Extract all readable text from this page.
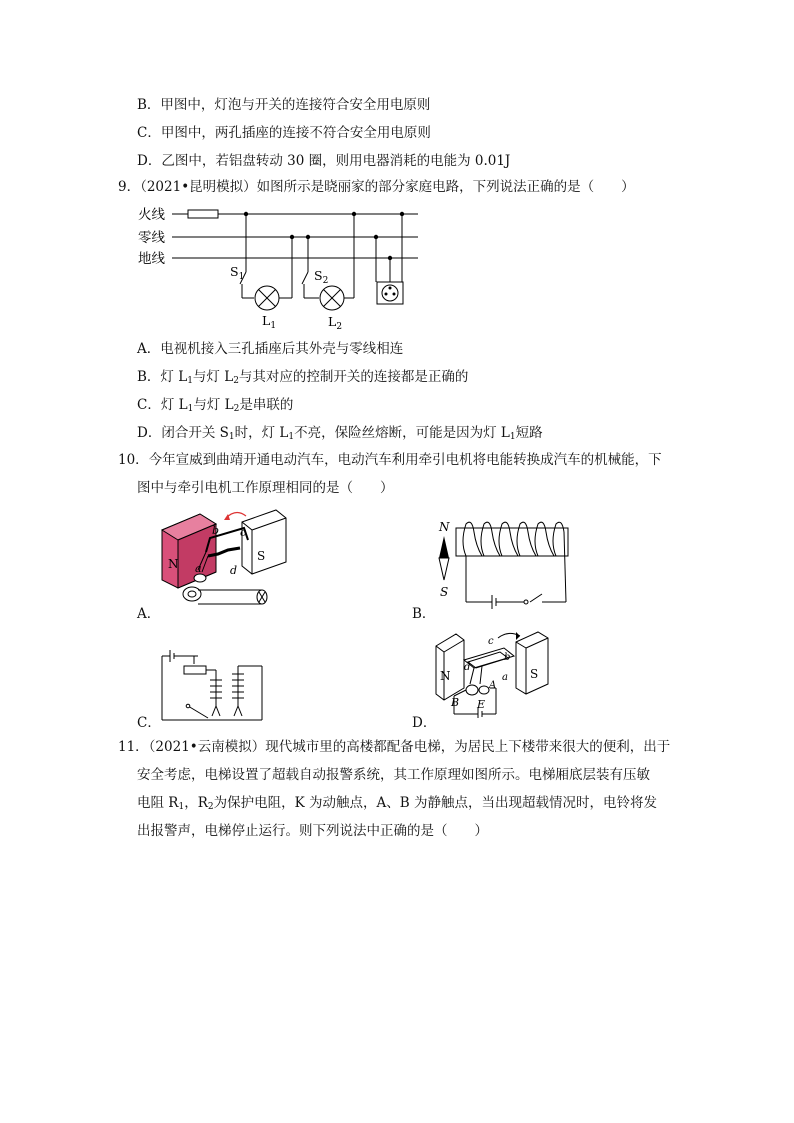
B．甲图中，灯泡与开关的连接符合安全用电原则
C．甲图中，两孔插座的连接不符合安全用电原则
D．乙图中，若铝盘转动 30 圈，则用电器消耗的电能为 0.01J
9．（2021•昆明模拟）如图所示是晓丽家的部分家庭电路，下列说法正确的是（　　）
火线
零线
地线
$S_1$	$S_2$
$L_1$	$L_2$
A．电视机接入三孔插座后其外壳与零线相连
B．灯 $L_1$与灯 $L_2$与其对应的控制开关的连接都是正确的
C．灯 $L_1$与灯 $L_2$是串联的
D．闭合开关 $S_1$时，灯 $L_1$不亮，保险丝熔断，可能是因为灯 $L_1$短路
10．今年宣威到曲靖开通电动汽车，电动汽车利用牵引电机将电能转换成汽车的机械能，下
图中与牵引电机工作原理相同的是（　　）
N
S
b c
a	d
A．
N
S
B．
C．
N	S
c
d
b
a
A
B E
D．
11．（2021•云南模拟）现代城市里的高楼都配备电梯，为居民上下楼带来很大的便利，出于
安全考虑，电梯设置了超载自动报警系统，其工作原理如图所示。电梯厢底层装有压敏
电阻 $R_1$，$R_2$为保护电阻，K 为动触点，A、B 为静触点，当出现超载情况时，电铃将发
出报警声，电梯停止运行。则下列说法中正确的是（　　）
